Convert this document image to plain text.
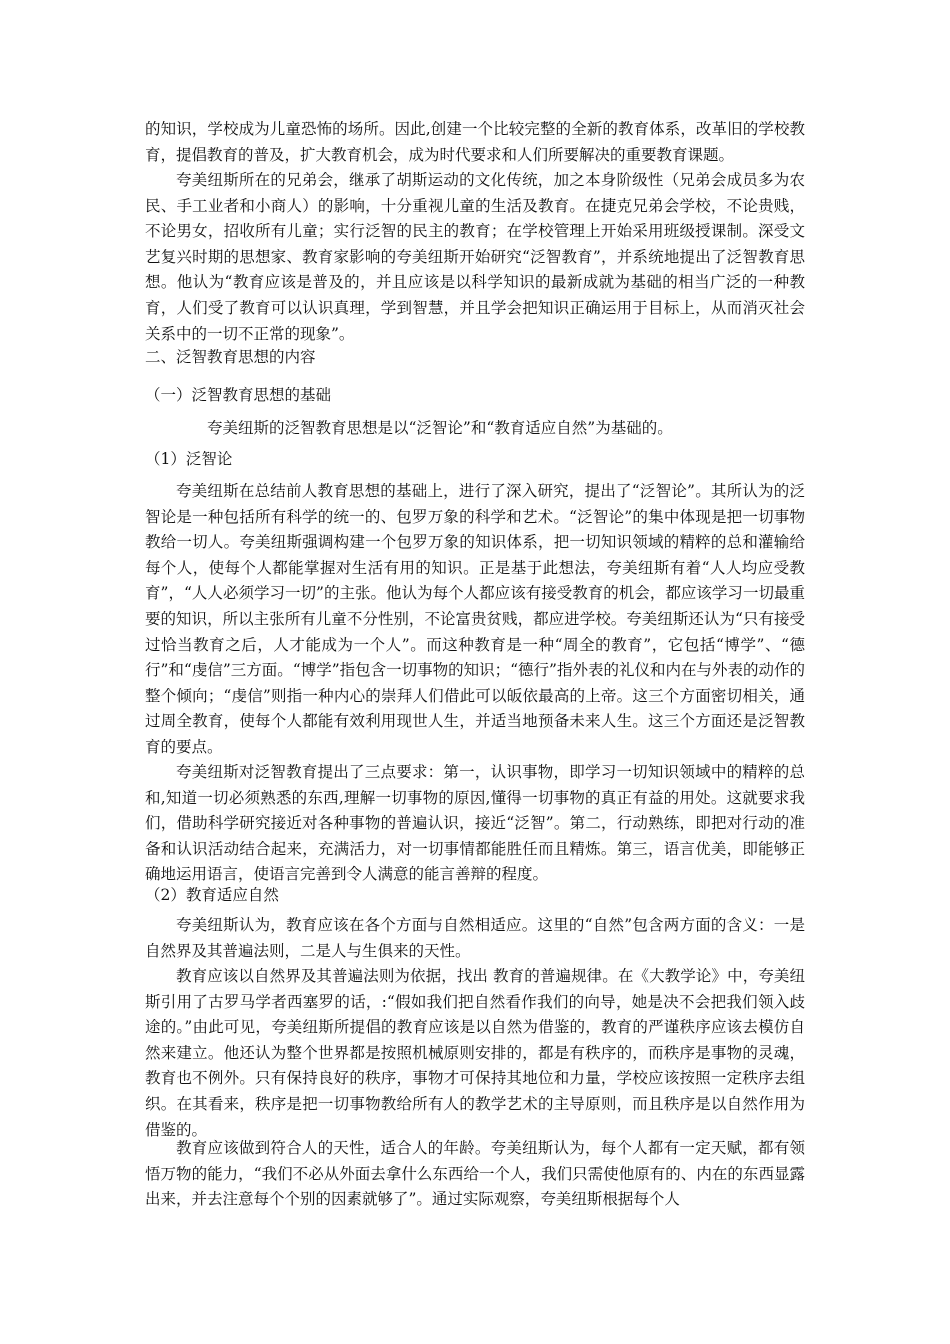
的知识，学校成为儿童恐怖的场所。因此,创建一个比较完整的全新的教育体系，改革旧的学校教育，提倡教育的普及，扩大教育机会，成为时代要求和人们所要解决的重要教育课题。

夸美纽斯所在的兄弟会，继承了胡斯运动的文化传统，加之本身阶级性（兄弟会成员多为农民、手工业者和小商人）的影响，十分重视儿童的生活及教育。在捷克兄弟会学校，不论贵贱，不论男女，招收所有儿童；实行泛智的民主的教育；在学校管理上开始采用班级授课制。深受文艺复兴时期的思想家、教育家影响的夸美纽斯开始研究“泛智教育”，并系统地提出了泛智教育思想。他认为“教育应该是普及的，并且应该是以科学知识的最新成就为基础的相当广泛的一种教育，人们受了教育可以认识真理，学到智慧，并且学会把知识正确运用于目标上，从而消灭社会关系中的一切不正常的现象”。

二、泛智教育思想的内容

（一）泛智教育思想的基础

夸美纽斯的泛智教育思想是以“泛智论”和“教育适应自然”为基础的。

（1）泛智论

夸美纽斯在总结前人教育思想的基础上，进行了深入研究，提出了“泛智论”。其所认为的泛智论是一种包括所有科学的统一的、包罗万象的科学和艺术。“泛智论”的集中体现是把一切事物教给一切人。夸美纽斯强调构建一个包罗万象的知识体系，把一切知识领域的精粹的总和灌输给每个人，使每个人都能掌握对生活有用的知识。正是基于此想法，夸美纽斯有着“人人均应受教育”，“人人必须学习一切”的主张。他认为每个人都应该有接受教育的机会，都应该学习一切最重要的知识，所以主张所有儿童不分性别，不论富贵贫贱，都应进学校。夸美纽斯还认为“只有接受过恰当教育之后，人才能成为一个人”。而这种教育是一种“周全的教育”，它包括“博学”、“德行”和“虔信”三方面。“博学”指包含一切事物的知识；“德行”指外表的礼仪和内在与外表的动作的整个倾向；“虔信”则指一种内心的崇拜人们借此可以皈依最高的上帝。这三个方面密切相关，通过周全教育，使每个人都能有效利用现世人生，并适当地预备未来人生。这三个方面还是泛智教育的要点。

夸美纽斯对泛智教育提出了三点要求：第一，认识事物，即学习一切知识领域中的精粹的总和,知道一切必须熟悉的东西,理解一切事物的原因,懂得一切事物的真正有益的用处。这就要求我们，借助科学研究接近对各种事物的普遍认识，接近“泛智”。第二，行动熟练，即把对行动的准备和认识活动结合起来，充满活力，对一切事情都能胜任而且精炼。第三，语言优美，即能够正确地运用语言，使语言完善到令人满意的能言善辩的程度。

（2）教育适应自然

夸美纽斯认为，教育应该在各个方面与自然相适应。这里的“自然”包含两方面的含义：一是自然界及其普遍法则，二是人与生俱来的天性。

教育应该以自然界及其普遍法则为依据，找出 教育的普遍规律。在《大教学论》中，夸美纽斯引用了古罗马学者西塞罗的话，:“假如我们把自然看作我们的向导，她是决不会把我们领入歧途的。”由此可见，夸美纽斯所提倡的教育应该是以自然为借鉴的，教育的严谨秩序应该去模仿自然来建立。他还认为整个世界都是按照机械原则安排的，都是有秩序的，而秩序是事物的灵魂，教育也不例外。只有保持良好的秩序，事物才可保持其地位和力量，学校应该按照一定秩序去组织。在其看来，秩序是把一切事物教给所有人的教学艺术的主导原则，而且秩序是以自然作用为借鉴的。

教育应该做到符合人的天性，适合人的年龄。夸美纽斯认为，每个人都有一定天赋，都有领悟万物的能力，“我们不必从外面去拿什么东西给一个人，我们只需使他原有的、内在的东西显露出来，并去注意每个个别的因素就够了”。通过实际观察，夸美纽斯根据每个人
